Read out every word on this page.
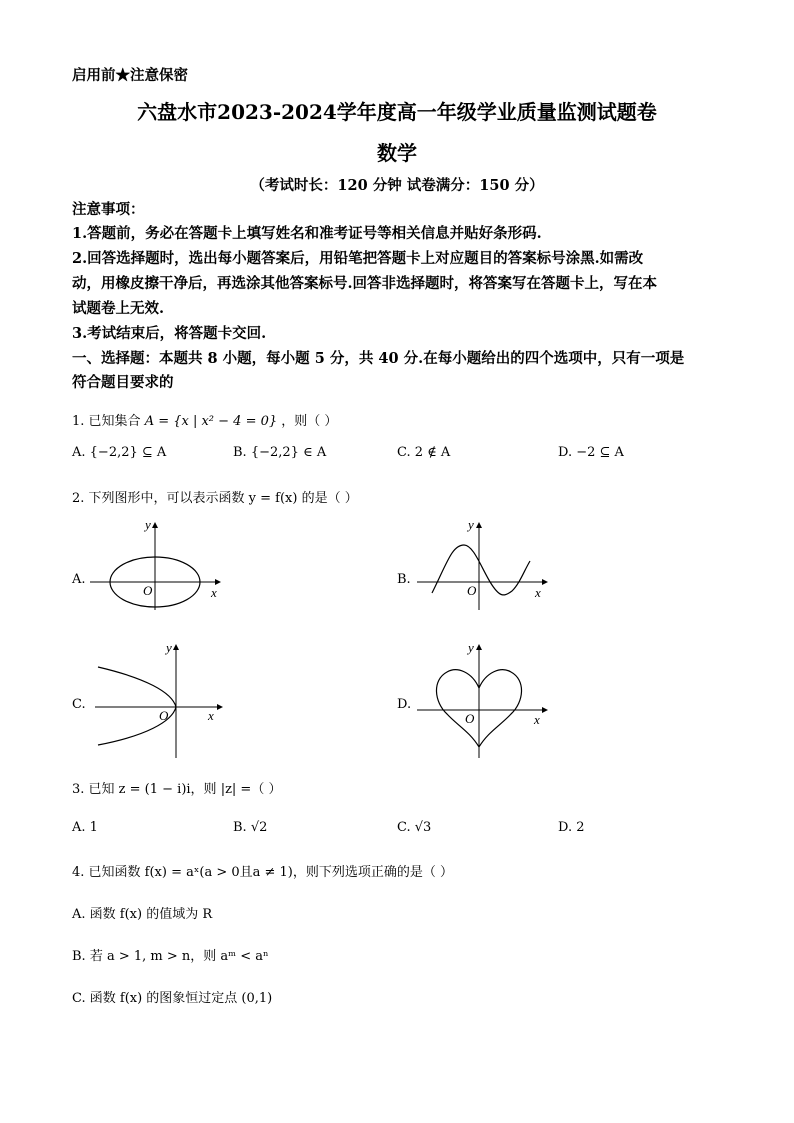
启用前★注意保密
六盘水市2023-2024学年度高一年级学业质量监测试题卷
数学
（考试时长：120 分钟 试卷满分：150 分）
注意事项：
1.答题前，务必在答题卡上填写姓名和准考证号等相关信息并贴好条形码.
2.回答选择题时，选出每小题答案后，用铅笔把答题卡上对应题目的答案标号涂黑.如需改
动，用橡皮擦干净后，再选涂其他答案标号.回答非选择题时，将答案写在答题卡上，写在本
试题卷上无效.
3.考试结束后，将答题卡交回.
一、选择题：本题共 8 小题，每小题 5 分，共 40 分.在每小题给出的四个选项中，只有一项是
符合题目要求的
1. 已知集合 A = {x | x² − 4 = 0} ，则（ ）
A. {−2,2} ⊆ A	B. {−2,2} ∈ A	C. 2 ∉ A	D. −2 ⊆ A
2. 下列图形中，可以表示函数 y = f(x) 的是（ ）
A.	B.
C.	D.
O	x
y
O	x
y
O	x
y
O	x
y
3. 已知 z = (1 − i)i，则 |z| =（ ）
A. 1	B. √2	C. √3	D. 2
4. 已知函数 f(x) = aˣ(a > 0且a ≠ 1)，则下列选项正确的是（ ）
A. 函数 f(x) 的值域为 R
B. 若 a > 1, m > n，则 aᵐ < aⁿ
C. 函数 f(x) 的图象恒过定点 (0,1)
